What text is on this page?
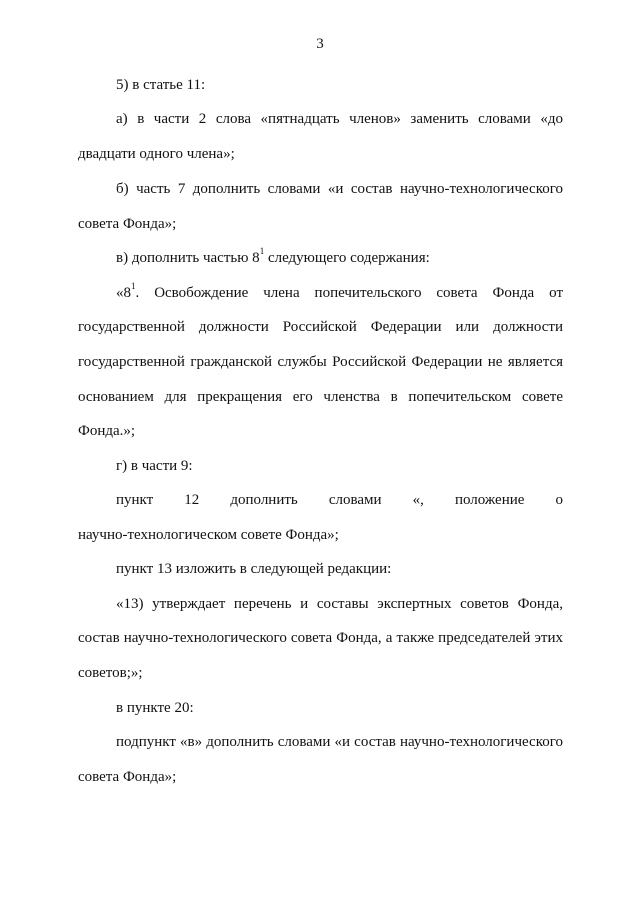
3
5) в статье 11:
а) в части 2 слова «пятнадцать членов» заменить словами «до
двадцати одного члена»;
б) часть 7 дополнить словами «и состав научно-технологического
совета Фонда»;
в) дополнить частью $8^1$ следующего содержания:
«$8^1$. Освобождение члена попечительского совета Фонда от
государственной должности Российской Федерации или должности
государственной гражданской службы Российской Федерации не является
основанием для прекращения его членства в попечительском совете
Фонда.»;
г) в части 9:
пункт 12 дополнить словами «, положение о
научно-технологическом совете Фонда»;
пункт 13 изложить в следующей редакции:
«13) утверждает перечень и составы экспертных советов Фонда,
состав научно-технологического совета Фонда, а также председателей этих
советов;»;
в пункте 20:
подпункт «в» дополнить словами «и состав научно-технологического
совета Фонда»;
